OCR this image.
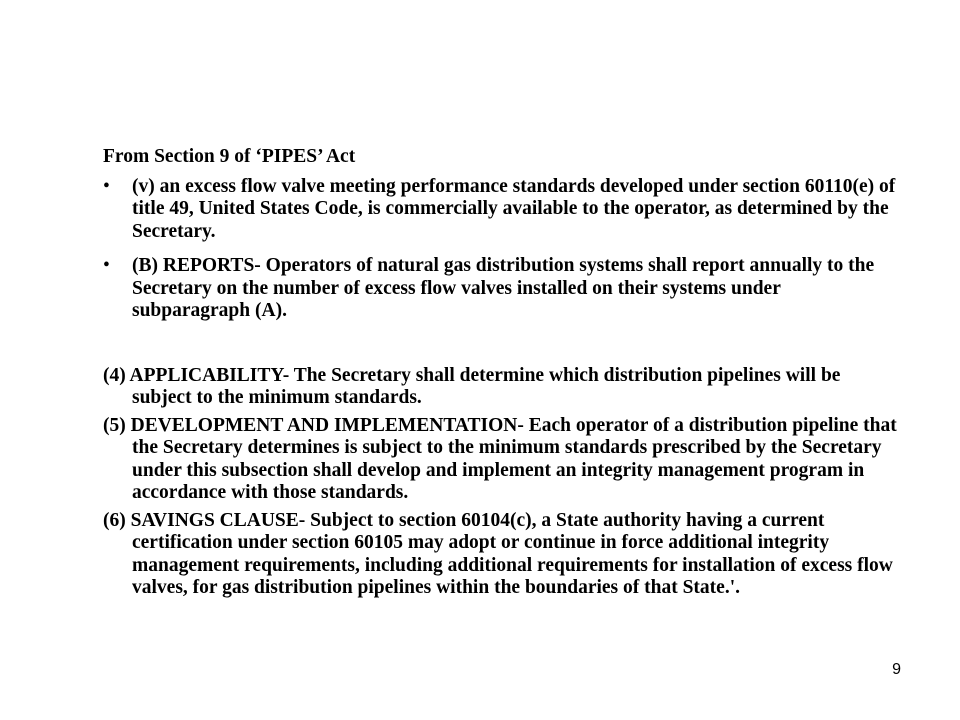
From Section 9 of ‘PIPES’ Act
• (v) an excess flow valve meeting performance standards developed under section 60110(e) of title 49, United States Code, is commercially available to the operator, as determined by the Secretary.
• (B) REPORTS- Operators of natural gas distribution systems shall report annually to the Secretary on the number of excess flow valves installed on their systems under subparagraph (A).
(4) APPLICABILITY- The Secretary shall determine which distribution pipelines will be subject to the minimum standards.
(5) DEVELOPMENT AND IMPLEMENTATION- Each operator of a distribution pipeline that the Secretary determines is subject to the minimum standards prescribed by the Secretary under this subsection shall develop and implement an integrity management program in accordance with those standards.
(6) SAVINGS CLAUSE- Subject to section 60104(c), a State authority having a current certification under section 60105 may adopt or continue in force additional integrity management requirements, including additional requirements for installation of excess flow valves, for gas distribution pipelines within the boundaries of that State.'.
9
